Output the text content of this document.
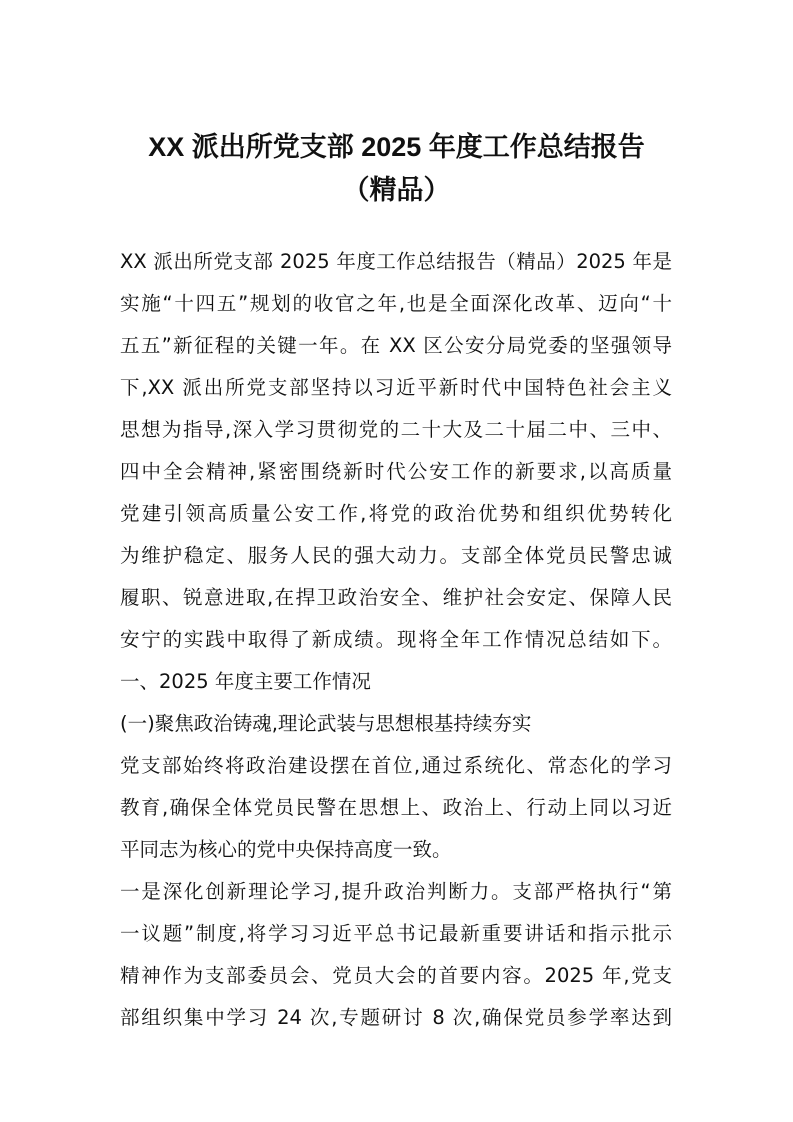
XX 派出所党支部 2025 年度工作总结报告
（精品）
XX 派出所党支部 2025 年度工作总结报告（精品）2025 年是
实施“十四五”规划的收官之年,也是全面深化改革、迈向“十
五五”新征程的关键一年。在 XX 区公安分局党委的坚强领导
下,XX 派出所党支部坚持以习近平新时代中国特色社会主义
思想为指导,深入学习贯彻党的二十大及二十届二中、三中、
四中全会精神,紧密围绕新时代公安工作的新要求,以高质量
党建引领高质量公安工作,将党的政治优势和组织优势转化
为维护稳定、服务人民的强大动力。支部全体党员民警忠诚
履职、锐意进取,在捍卫政治安全、维护社会安定、保障人民
安宁的实践中取得了新成绩。现将全年工作情况总结如下。
一、2025 年度主要工作情况
(一)聚焦政治铸魂,理论武装与思想根基持续夯实
党支部始终将政治建设摆在首位,通过系统化、常态化的学习
教育,确保全体党员民警在思想上、政治上、行动上同以习近
平同志为核心的党中央保持高度一致。
一是深化创新理论学习,提升政治判断力。支部严格执行“第
一议题”制度,将学习习近平总书记最新重要讲话和指示批示
精神作为支部委员会、党员大会的首要内容。2025 年,党支
部组织集中学习 24 次,专题研讨 8 次,确保党员参学率达到
